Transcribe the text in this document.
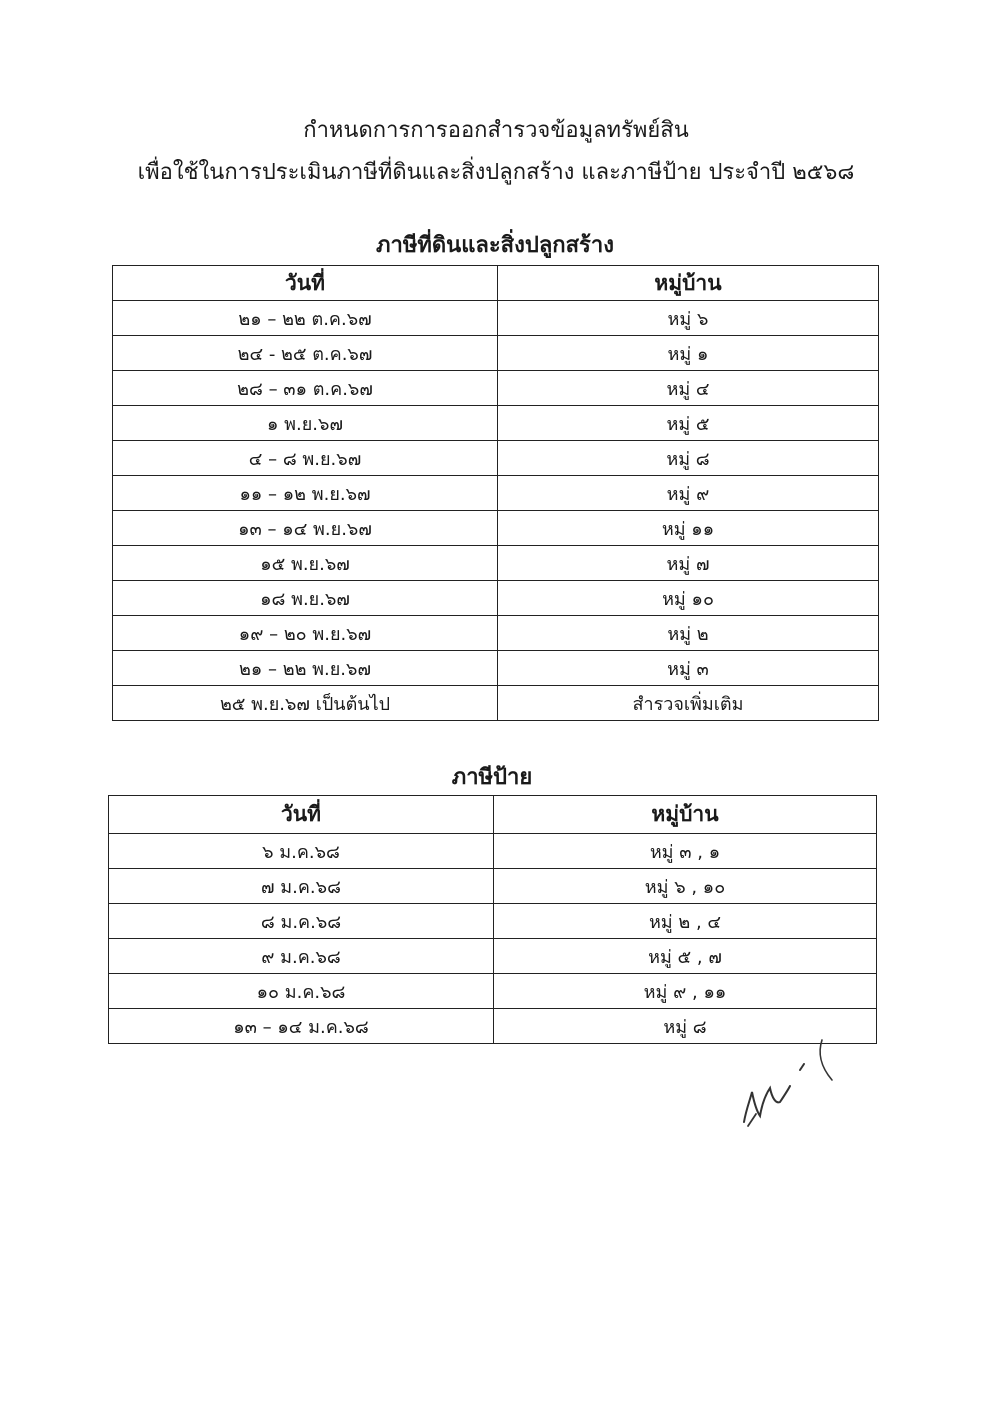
กำหนดการการออกสำรวจข้อมูลทรัพย์สิน
เพื่อใช้ในการประเมินภาษีที่ดินและสิ่งปลูกสร้าง และภาษีป้าย ประจำปี ๒๕๖๘
ภาษีที่ดินและสิ่งปลูกสร้าง
วันที่	หมู่บ้าน
๒๑ – ๒๒ ต.ค.๖๗	หมู่ ๖
๒๔ - ๒๕ ต.ค.๖๗	หมู่ ๑
๒๘ – ๓๑ ต.ค.๖๗	หมู่ ๔
๑ พ.ย.๖๗	หมู่ ๕
๔ – ๘ พ.ย.๖๗	หมู่ ๘
๑๑ – ๑๒ พ.ย.๖๗	หมู่ ๙
๑๓ – ๑๔ พ.ย.๖๗	หมู่ ๑๑
๑๕ พ.ย.๖๗	หมู่ ๗
๑๘ พ.ย.๖๗	หมู่ ๑๐
๑๙ – ๒๐ พ.ย.๖๗	หมู่ ๒
๒๑ – ๒๒ พ.ย.๖๗	หมู่ ๓
๒๕ พ.ย.๖๗ เป็นต้นไป	สำรวจเพิ่มเติม
ภาษีป้าย
วันที่	หมู่บ้าน
๖ ม.ค.๖๘	หมู่ ๓ , ๑
๗ ม.ค.๖๘	หมู่ ๖ , ๑๐
๘ ม.ค.๖๘	หมู่ ๒ , ๔
๙ ม.ค.๖๘	หมู่ ๕ , ๗
๑๐ ม.ค.๖๘	หมู่ ๙ , ๑๑
๑๓ – ๑๔ ม.ค.๖๘	หมู่ ๘
